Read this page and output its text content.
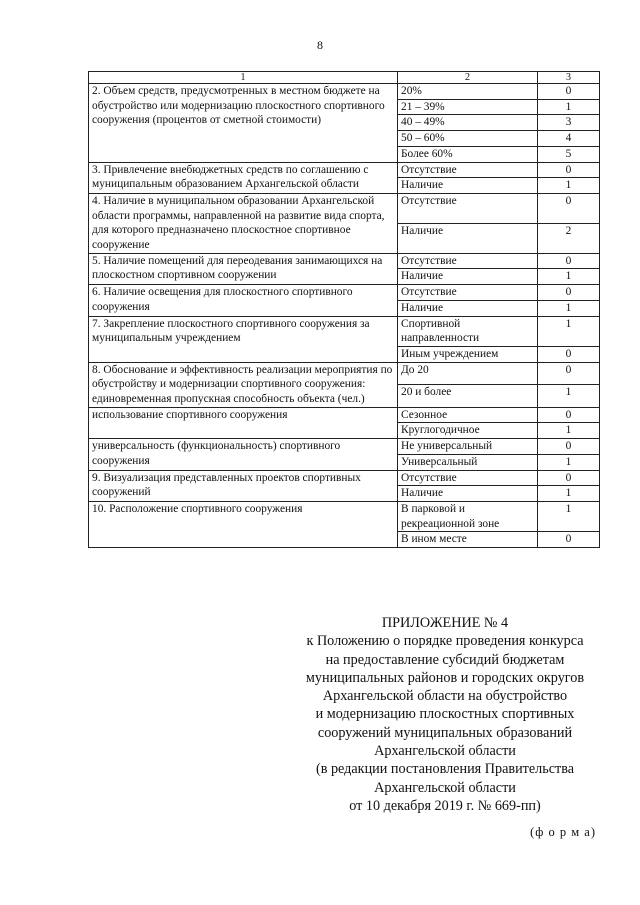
8
1	2	3
2. Объем средств, предусмотренных в местном бюджете на обустройство или модернизацию плоскостного спортивного сооружения (процентов от сметной стоимости)	20%	0
	21 – 39%	1
	40 – 49%	3
	50 – 60%	4
	Более 60%	5
3. Привлечение внебюджетных средств по соглашению с муниципальным образованием Архангельской области	Отсутствие	0
	Наличие	1
4. Наличие в муниципальном образовании Архангельской области программы, направленной на развитие вида спорта, для которого предназначено плоскостное спортивное сооружение	Отсутствие	0
	Наличие	2
5. Наличие помещений для переодевания занимающихся на плоскостном спортивном сооружении	Отсутствие	0
	Наличие	1
6. Наличие освещения для плоскостного спортивного сооружения	Отсутствие	0
	Наличие	1
7. Закрепление плоскостного спортивного сооружения за муниципальным учреждением	Спортивной направленности	1
	Иным учреждением	0
8. Обоснование и эффективность реализации мероприятия по обустройству и модернизации спортивного сооружения: единовременная пропускная способность объекта (чел.)	До 20	0
	20 и более	1
использование спортивного сооружения	Сезонное	0
	Круглогодичное	1
универсальность (функциональность) спортивного сооружения	Не универсальный	0
	Универсальный	1
9. Визуализация представленных проектов спортивных сооружений	Отсутствие	0
	Наличие	1
10. Расположение спортивного сооружения	В парковой и рекреационной зоне	1
	В ином месте	0
ПРИЛОЖЕНИЕ № 4
к Положению о порядке проведения конкурса
на предоставление субсидий бюджетам
муниципальных районов и городских округов
Архангельской области на обустройство
и модернизацию плоскостных спортивных
сооружений муниципальных образований
Архангельской области
(в редакции постановления Правительства
Архангельской области
от 10 декабря 2019 г. № 669-пп)
(ф о р м а)
